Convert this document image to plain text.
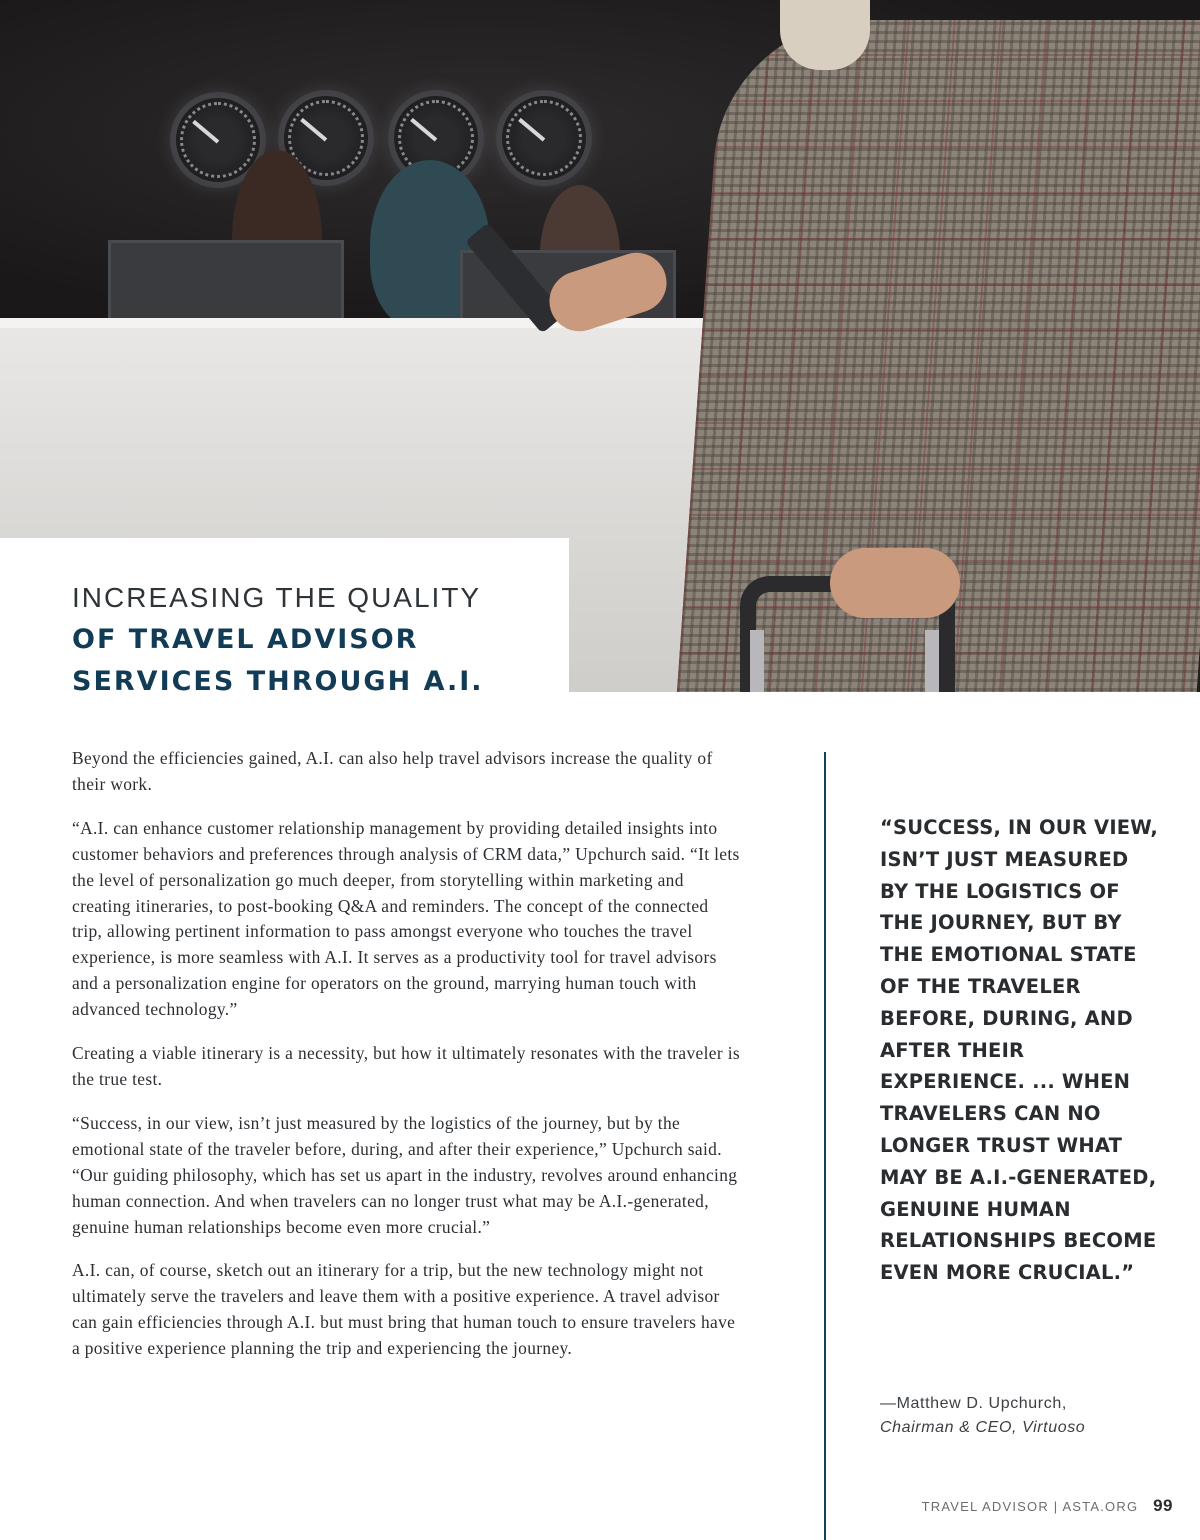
INCREASING THE QUALITY
OF TRAVEL ADVISOR
SERVICES THROUGH A.I.

Beyond the efficiencies gained, A.I. can also help travel advisors increase the quality of their work.

“A.I. can enhance customer relationship management by providing detailed insights into customer behaviors and preferences through analysis of CRM data,” Upchurch said. “It lets the level of personalization go much deeper, from storytelling within marketing and creating itineraries, to post-booking Q&A and reminders. The concept of the connected trip, allowing pertinent information to pass amongst everyone who touches the travel experience, is more seamless with A.I. It serves as a productivity tool for travel advisors and a personalization engine for operators on the ground, marrying human touch with advanced technology.”

Creating a viable itinerary is a necessity, but how it ultimately resonates with the traveler is the true test.

“Success, in our view, isn’t just measured by the logistics of the journey, but by the emotional state of the traveler before, during, and after their experience,” Upchurch said. “Our guiding philosophy, which has set us apart in the industry, revolves around enhancing human connection. And when travelers can no longer trust what may be A.I.-generated, genuine human relationships become even more crucial.”

A.I. can, of course, sketch out an itinerary for a trip, but the new technology might not ultimately serve the travelers and leave them with a positive experience. A travel advisor can gain efficiencies through A.I. but must bring that human touch to ensure travelers have a positive experience planning the trip and experiencing the journey.

“SUCCESS, IN OUR VIEW, ISN’T JUST MEASURED BY THE LOGISTICS OF THE JOURNEY, BUT BY THE EMOTIONAL STATE OF THE TRAVELER BEFORE, DURING, AND AFTER THEIR EXPERIENCE. ... WHEN TRAVELERS CAN NO LONGER TRUST WHAT MAY BE A.I.-GENERATED, GENUINE HUMAN RELATIONSHIPS BECOME EVEN MORE CRUCIAL.”

—Matthew D. Upchurch,
Chairman & CEO, Virtuoso
TRAVEL ADVISOR | ASTA.ORG 99
